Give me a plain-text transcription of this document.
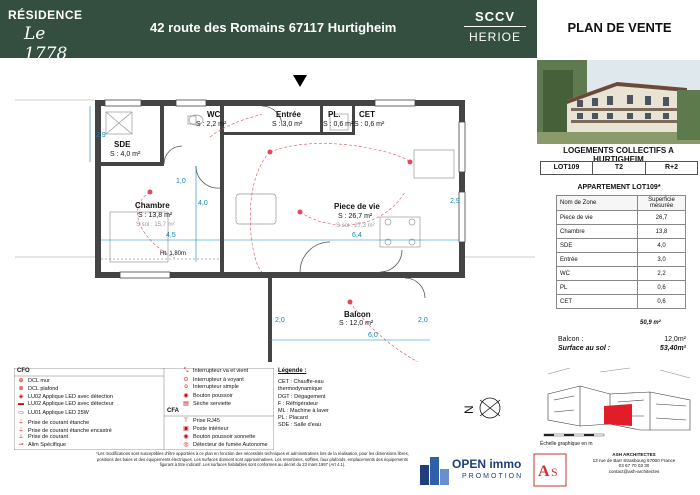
RÉSIDENCE
Le 1778
42 route des Romains 67117 Hurtigheim
SCCV
HERIOE
PLAN DE VENTE
LOGEMENTS COLLECTIFS A HURTIGHEIM
LOT109	T2	R+2
APPARTEMENT LOT109*
Nom de Zone	Superficie mesurée
Piece de vie	26,7
Chambre	13,8
SDE	4,0
Entrée	3,0
WC	2,2
PL	0,6
CET	0,6
50,9 m²
Balcon :	12,0m²
Surface au sol :	53,40m²
Échelle graphique en m
WC
S : 2,2 m²
Entrée
S : 3,0 m²
PL.
S : 0,6 m²
CET
S : 0,6 m²
SDE
S : 4,0 m²
Chambre
S : 13,8 m²
S sol : 15,7 m²
Piece de vie
S : 26,7 m²
S sol : 27,3 m²
Balcon
S : 12,0 m²
2,9
2,9
1,0
4,0
4,5	6,4
6,0
2,0	2,0
Ht. 1,80m
CFO
CFA
⊕ DCL mur
⊗ DCL plafond
◈ LU02 Applique LED avec détection
▬ LU02 Applique LED avec détecteur
▭ LU01 Applique LED 25W
⏚ Prise de courant étanche
⏚ Prise de courant étanche encastré
⊥ Prise de courant
⊸ Alim Spécifique
⤡ Interrupteur va et vient
⊙ Interrupteur à voyant
ο Interrupteur simple
◉ Bouton poussoir
▤ Sèche serviette
⊤ Prise RJ45
▣ Poste intérieur
◉ Bouton poussoir sonnette
◎ Détecteur de fumée Autonome
Légende :
CET : Chauffe-eau
thermodynamique
DGT : Dégagement
F : Réfrigérateur
ML : Machine à laver
PL : Placard
SDE : Salle d'eau
N
*Les modifications sont susceptibles d'être apportées à ce plan en fonction des nécessités techniques et administratives lors de la réalisation, pour les dimensions libres, positions des baies et des équipements électriques. Les surfaces donnent sont approximatives. Les retombées, soffites, faux plafonds, emplacements des équipements figurant à titre indicatif. Les surfaces habitables sont conformes au décret du 23 mars 1997 (Art 4.1).	OPEN immo
PROMOTION A S
ASH ARCHITECTES
13 rue de Barr Strasbourg 67000 France
03 67 70 03 30
contact@ash-architectes
